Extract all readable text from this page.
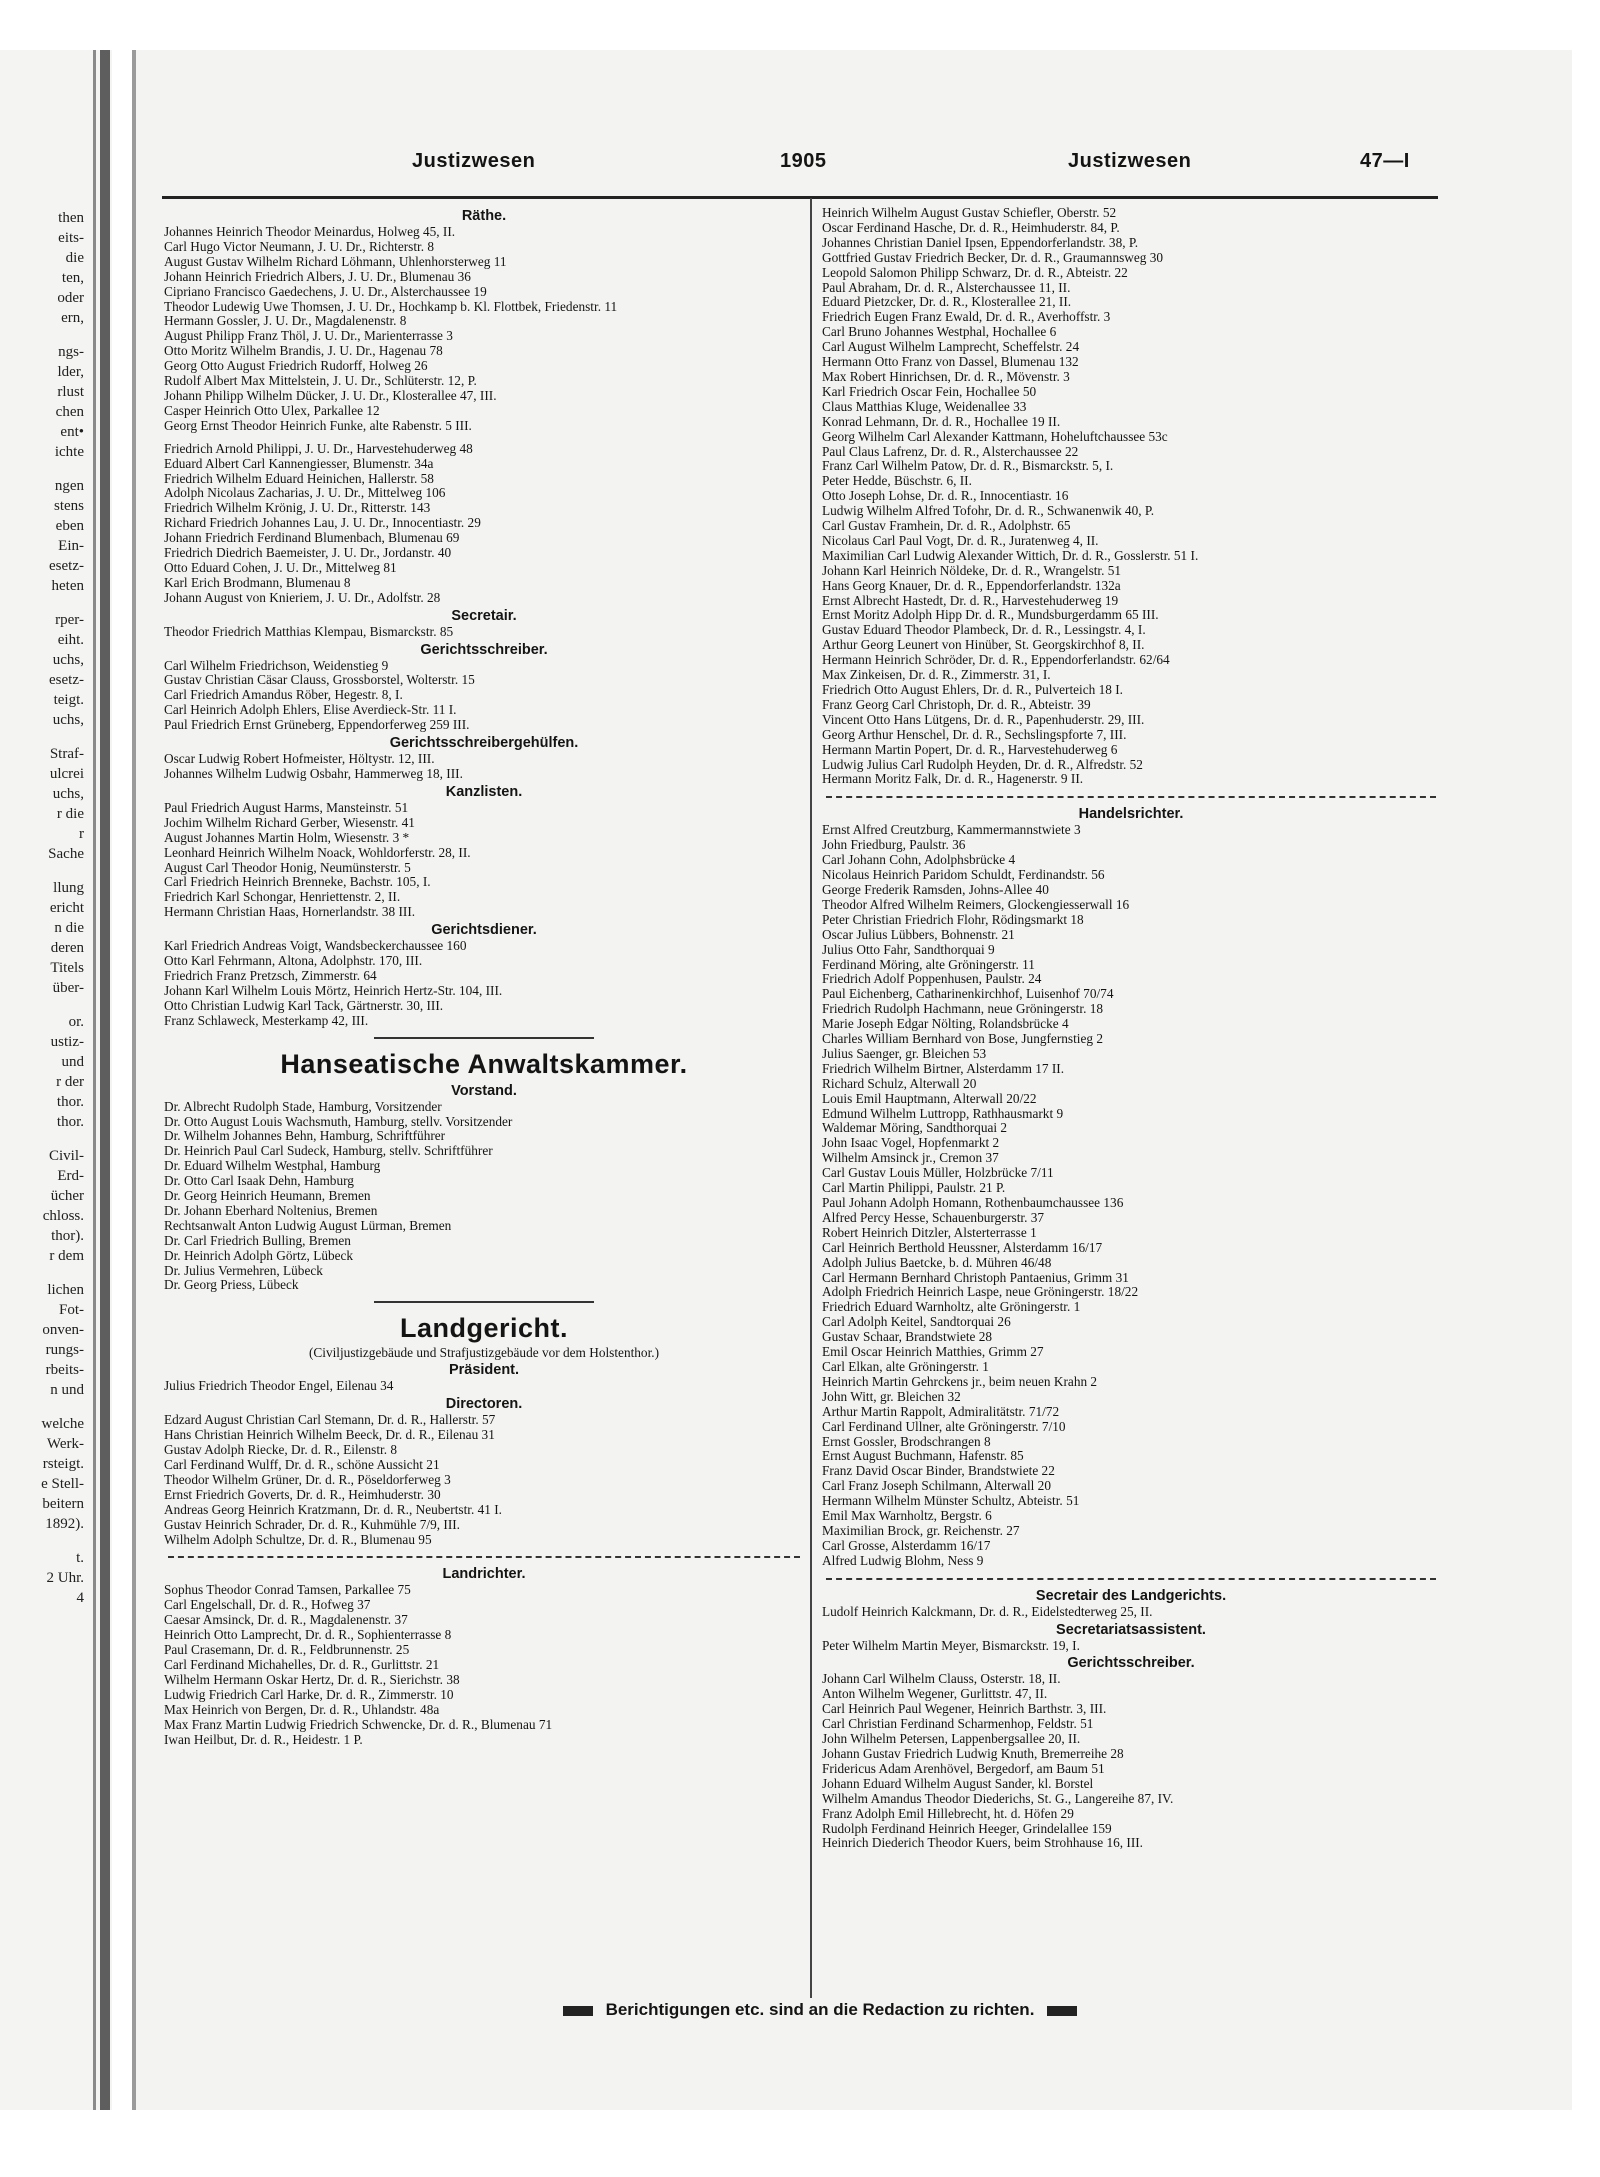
then
eits-
die
ten,
oder
ern,
ngs-
lder,
rlust
chen
ent•
ichte
ngen
stens
eben
Ein-
esetz-
heten
rper-
eiht.
uchs,
esetz-
teigt.
uchs,
Straf-
ulcrei
uchs,
r die
r
Sache
llung
ericht
n die
deren
Titels
über-
or.
ustiz-
und
r der
thor.
thor.
Civil-
Erd-
ücher
chloss.
thor).
r dem
lichen
Fot-
onven-
rungs-
rbeits-
n und
welche
Werk-
rsteigt.
e Stell-
beitern
1892).
t.
2 Uhr.
4
Justizwesen	1905	Justizwesen	47—I
Räthe.
Johannes Heinrich Theodor Meinardus, Holweg 45, II.
Carl Hugo Victor Neumann, J. U. Dr., Richterstr. 8
August Gustav Wilhelm Richard Löhmann, Uhlenhorsterweg 11
Johann Heinrich Friedrich Albers, J. U. Dr., Blumenau 36
Cipriano Francisco Gaedechens, J. U. Dr., Alsterchaussee 19
Theodor Ludewig Uwe Thomsen, J. U. Dr., Hochkamp b. Kl. Flottbek, Friedenstr. 11
Hermann Gossler, J. U. Dr., Magdalenenstr. 8
August Philipp Franz Thöl, J. U. Dr., Marienterrasse 3
Otto Moritz Wilhelm Brandis, J. U. Dr., Hagenau 78
Georg Otto August Friedrich Rudorff, Holweg 26
Rudolf Albert Max Mittelstein, J. U. Dr., Schlüterstr. 12, P.
Johann Philipp Wilhelm Dücker, J. U. Dr., Klosterallee 47, III.
Casper Heinrich Otto Ulex, Parkallee 12
Georg Ernst Theodor Heinrich Funke, alte Rabenstr. 5 III.
Friedrich Arnold Philippi, J. U. Dr., Harvestehuderweg 48
Eduard Albert Carl Kannengiesser, Blumenstr. 34a
Friedrich Wilhelm Eduard Heinichen, Hallerstr. 58
Adolph Nicolaus Zacharias, J. U. Dr., Mittelweg 106
Friedrich Wilhelm Krönig, J. U. Dr., Ritterstr. 143
Richard Friedrich Johannes Lau, J. U. Dr., Innocentiastr. 29
Johann Friedrich Ferdinand Blumenbach, Blumenau 69
Friedrich Diedrich Baemeister, J. U. Dr., Jordanstr. 40
Otto Eduard Cohen, J. U. Dr., Mittelweg 81
Karl Erich Brodmann, Blumenau 8
Johann August von Knieriem, J. U. Dr., Adolfstr. 28
Secretair.
Theodor Friedrich Matthias Klempau, Bismarckstr. 85
Gerichtsschreiber.
Carl Wilhelm Friedrichson, Weidenstieg 9
Gustav Christian Cäsar Clauss, Grossborstel, Wolterstr. 15
Carl Friedrich Amandus Röber, Hegestr. 8, I.
Carl Heinrich Adolph Ehlers, Elise Averdieck-Str. 11 I.
Paul Friedrich Ernst Grüneberg, Eppendorferweg 259 III.
Gerichtsschreibergehülfen.
Oscar Ludwig Robert Hofmeister, Höltystr. 12, III.
Johannes Wilhelm Ludwig Osbahr, Hammerweg 18, III.
Kanzlisten.
Paul Friedrich August Harms, Mansteinstr. 51
Jochim Wilhelm Richard Gerber, Wiesenstr. 41
August Johannes Martin Holm, Wiesenstr. 3 *
Leonhard Heinrich Wilhelm Noack, Wohldorferstr. 28, II.
August Carl Theodor Honig, Neumünsterstr. 5
Carl Friedrich Heinrich Brenneke, Bachstr. 105, I.
Friedrich Karl Schongar, Henriettenstr. 2, II.
Hermann Christian Haas, Hornerlandstr. 38 III.
Gerichtsdiener.
Karl Friedrich Andreas Voigt, Wandsbeckerchaussee 160
Otto Karl Fehrmann, Altona, Adolphstr. 170, III.
Friedrich Franz Pretzsch, Zimmerstr. 64
Johann Karl Wilhelm Louis Mörtz, Heinrich Hertz-Str. 104, III.
Otto Christian Ludwig Karl Tack, Gärtnerstr. 30, III.
Franz Schlaweck, Mesterkamp 42, III.
Hanseatische Anwaltskammer.
Vorstand.
Dr. Albrecht Rudolph Stade, Hamburg, Vorsitzender
Dr. Otto August Louis Wachsmuth, Hamburg, stellv. Vorsitzender
Dr. Wilhelm Johannes Behn, Hamburg, Schriftführer
Dr. Heinrich Paul Carl Sudeck, Hamburg, stellv. Schriftführer
Dr. Eduard Wilhelm Westphal, Hamburg
Dr. Otto Carl Isaak Dehn, Hamburg
Dr. Georg Heinrich Heumann, Bremen
Dr. Johann Eberhard Noltenius, Bremen
Rechtsanwalt Anton Ludwig August Lürman, Bremen
Dr. Carl Friedrich Bulling, Bremen
Dr. Heinrich Adolph Görtz, Lübeck
Dr. Julius Vermehren, Lübeck
Dr. Georg Priess, Lübeck
Landgericht.
(Civiljustizgebäude und Strafjustizgebäude vor dem Holstenthor.)
Präsident.
Julius Friedrich Theodor Engel, Eilenau 34
Directoren.
Edzard August Christian Carl Stemann, Dr. d. R., Hallerstr. 57
Hans Christian Heinrich Wilhelm Beeck, Dr. d. R., Eilenau 31
Gustav Adolph Riecke, Dr. d. R., Eilenstr. 8
Carl Ferdinand Wulff, Dr. d. R., schöne Aussicht 21
Theodor Wilhelm Grüner, Dr. d. R., Pöseldorferweg 3
Ernst Friedrich Goverts, Dr. d. R., Heimhuderstr. 30
Andreas Georg Heinrich Kratzmann, Dr. d. R., Neubertstr. 41 I.
Gustav Heinrich Schrader, Dr. d. R., Kuhmühle 7/9, III.
Wilhelm Adolph Schultze, Dr. d. R., Blumenau 95
Landrichter.
Sophus Theodor Conrad Tamsen, Parkallee 75
Carl Engelschall, Dr. d. R., Hofweg 37
Caesar Amsinck, Dr. d. R., Magdalenenstr. 37
Heinrich Otto Lamprecht, Dr. d. R., Sophienterrasse 8
Paul Crasemann, Dr. d. R., Feldbrunnenstr. 25
Carl Ferdinand Michahelles, Dr. d. R., Gurlittstr. 21
Wilhelm Hermann Oskar Hertz, Dr. d. R., Sierichstr. 38
Ludwig Friedrich Carl Harke, Dr. d. R., Zimmerstr. 10
Max Heinrich von Bergen, Dr. d. R., Uhlandstr. 48a
Max Franz Martin Ludwig Friedrich Schwencke, Dr. d. R., Blumenau 71
Iwan Heilbut, Dr. d. R., Heidestr. 1 P.
Heinrich Wilhelm August Gustav Schiefler, Oberstr. 52
Oscar Ferdinand Hasche, Dr. d. R., Heimhuderstr. 84, P.
Johannes Christian Daniel Ipsen, Eppendorferlandstr. 38, P.
Gottfried Gustav Friedrich Becker, Dr. d. R., Graumannsweg 30
Leopold Salomon Philipp Schwarz, Dr. d. R., Abteistr. 22
Paul Abraham, Dr. d. R., Alsterchaussee 11, II.
Eduard Pietzcker, Dr. d. R., Klosterallee 21, II.
Friedrich Eugen Franz Ewald, Dr. d. R., Averhoffstr. 3
Carl Bruno Johannes Westphal, Hochallee 6
Carl August Wilhelm Lamprecht, Scheffelstr. 24
Hermann Otto Franz von Dassel, Blumenau 132
Max Robert Hinrichsen, Dr. d. R., Mövenstr. 3
Karl Friedrich Oscar Fein, Hochallee 50
Claus Matthias Kluge, Weidenallee 33
Konrad Lehmann, Dr. d. R., Hochallee 19 II.
Georg Wilhelm Carl Alexander Kattmann, Hoheluftchaussee 53c
Paul Claus Lafrenz, Dr. d. R., Alsterchaussee 22
Franz Carl Wilhelm Patow, Dr. d. R., Bismarckstr. 5, I.
Peter Hedde, Büschstr. 6, II.
Otto Joseph Lohse, Dr. d. R., Innocentiastr. 16
Ludwig Wilhelm Alfred Tofohr, Dr. d. R., Schwanenwik 40, P.
Carl Gustav Framhein, Dr. d. R., Adolphstr. 65
Nicolaus Carl Paul Vogt, Dr. d. R., Juratenweg 4, II.
Maximilian Carl Ludwig Alexander Wittich, Dr. d. R., Gosslerstr. 51 I.
Johann Karl Heinrich Nöldeke, Dr. d. R., Wrangelstr. 51
Hans Georg Knauer, Dr. d. R., Eppendorferlandstr. 132a
Ernst Albrecht Hastedt, Dr. d. R., Harvestehuderweg 19
Ernst Moritz Adolph Hipp Dr. d. R., Mundsburgerdamm 65 III.
Gustav Eduard Theodor Plambeck, Dr. d. R., Lessingstr. 4, I.
Arthur Georg Leunert von Hinüber, St. Georgskirchhof 8, II.
Hermann Heinrich Schröder, Dr. d. R., Eppendorferlandstr. 62/64
Max Zinkeisen, Dr. d. R., Zimmerstr. 31, I.
Friedrich Otto August Ehlers, Dr. d. R., Pulverteich 18 I.
Franz Georg Carl Christoph, Dr. d. R., Abteistr. 39
Vincent Otto Hans Lütgens, Dr. d. R., Papenhuderstr. 29, III.
Georg Arthur Henschel, Dr. d. R., Sechslingspforte 7, III.
Hermann Martin Popert, Dr. d. R., Harvestehuderweg 6
Ludwig Julius Carl Rudolph Heyden, Dr. d. R., Alfredstr. 52
Hermann Moritz Falk, Dr. d. R., Hagenerstr. 9 II.
Handelsrichter.
Ernst Alfred Creutzburg, Kammermannstwiete 3
John Friedburg, Paulstr. 36
Carl Johann Cohn, Adolphsbrücke 4
Nicolaus Heinrich Paridom Schuldt, Ferdinandstr. 56
George Frederik Ramsden, Johns-Allee 40
Theodor Alfred Wilhelm Reimers, Glockengiesserwall 16
Peter Christian Friedrich Flohr, Rödingsmarkt 18
Oscar Julius Lübbers, Bohnenstr. 21
Julius Otto Fahr, Sandthorquai 9
Ferdinand Möring, alte Gröningerstr. 11
Friedrich Adolf Poppenhusen, Paulstr. 24
Paul Eichenberg, Catharinenkirchhof, Luisenhof 70/74
Friedrich Rudolph Hachmann, neue Gröningerstr. 18
Marie Joseph Edgar Nölting, Rolandsbrücke 4
Charles William Bernhard von Bose, Jungfernstieg 2
Julius Saenger, gr. Bleichen 53
Friedrich Wilhelm Birtner, Alsterdamm 17 II.
Richard Schulz, Alterwall 20
Louis Emil Hauptmann, Alterwall 20/22
Edmund Wilhelm Luttropp, Rathhausmarkt 9
Waldemar Möring, Sandthorquai 2
John Isaac Vogel, Hopfenmarkt 2
Wilhelm Amsinck jr., Cremon 37
Carl Gustav Louis Müller, Holzbrücke 7/11
Carl Martin Philippi, Paulstr. 21 P.
Paul Johann Adolph Homann, Rothenbaumchaussee 136
Alfred Percy Hesse, Schauenburgerstr. 37
Robert Heinrich Ditzler, Alsterterrasse 1
Carl Heinrich Berthold Heussner, Alsterdamm 16/17
Adolph Julius Baetcke, b. d. Mühren 46/48
Carl Hermann Bernhard Christoph Pantaenius, Grimm 31
Adolph Friedrich Heinrich Laspe, neue Gröningerstr. 18/22
Friedrich Eduard Warnholtz, alte Gröningerstr. 1
Carl Adolph Keitel, Sandtorquai 26
Gustav Schaar, Brandstwiete 28
Emil Oscar Heinrich Matthies, Grimm 27
Carl Elkan, alte Gröningerstr. 1
Heinrich Martin Gehrckens jr., beim neuen Krahn 2
John Witt, gr. Bleichen 32
Arthur Martin Rappolt, Admiralitätstr. 71/72
Carl Ferdinand Ullner, alte Gröningerstr. 7/10
Ernst Gossler, Brodschrangen 8
Ernst August Buchmann, Hafenstr. 85
Franz David Oscar Binder, Brandstwiete 22
Carl Franz Joseph Schilmann, Alterwall 20
Hermann Wilhelm Münster Schultz, Abteistr. 51
Emil Max Warnholtz, Bergstr. 6
Maximilian Brock, gr. Reichenstr. 27
Carl Grosse, Alsterdamm 16/17
Alfred Ludwig Blohm, Ness 9
Secretair des Landgerichts.
Ludolf Heinrich Kalckmann, Dr. d. R., Eidelstedterweg 25, II.
Secretariatsassistent.
Peter Wilhelm Martin Meyer, Bismarckstr. 19, I.
Gerichtsschreiber.
Johann Carl Wilhelm Clauss, Osterstr. 18, II.
Anton Wilhelm Wegener, Gurlittstr. 47, II.
Carl Heinrich Paul Wegener, Heinrich Barthstr. 3, III.
Carl Christian Ferdinand Scharmenhop, Feldstr. 51
John Wilhelm Petersen, Lappenbergsallee 20, II.
Johann Gustav Friedrich Ludwig Knuth, Bremerreihe 28
Fridericus Adam Arenhövel, Bergedorf, am Baum 51
Johann Eduard Wilhelm August Sander, kl. Borstel
Wilhelm Amandus Theodor Diederichs, St. G., Langereihe 87, IV.
Franz Adolph Emil Hillebrecht, ht. d. Höfen 29
Rudolph Ferdinand Heinrich Heeger, Grindelallee 159
Heinrich Diederich Theodor Kuers, beim Strohhause 16, III.
Berichtigungen etc. sind an die Redaction zu richten.
